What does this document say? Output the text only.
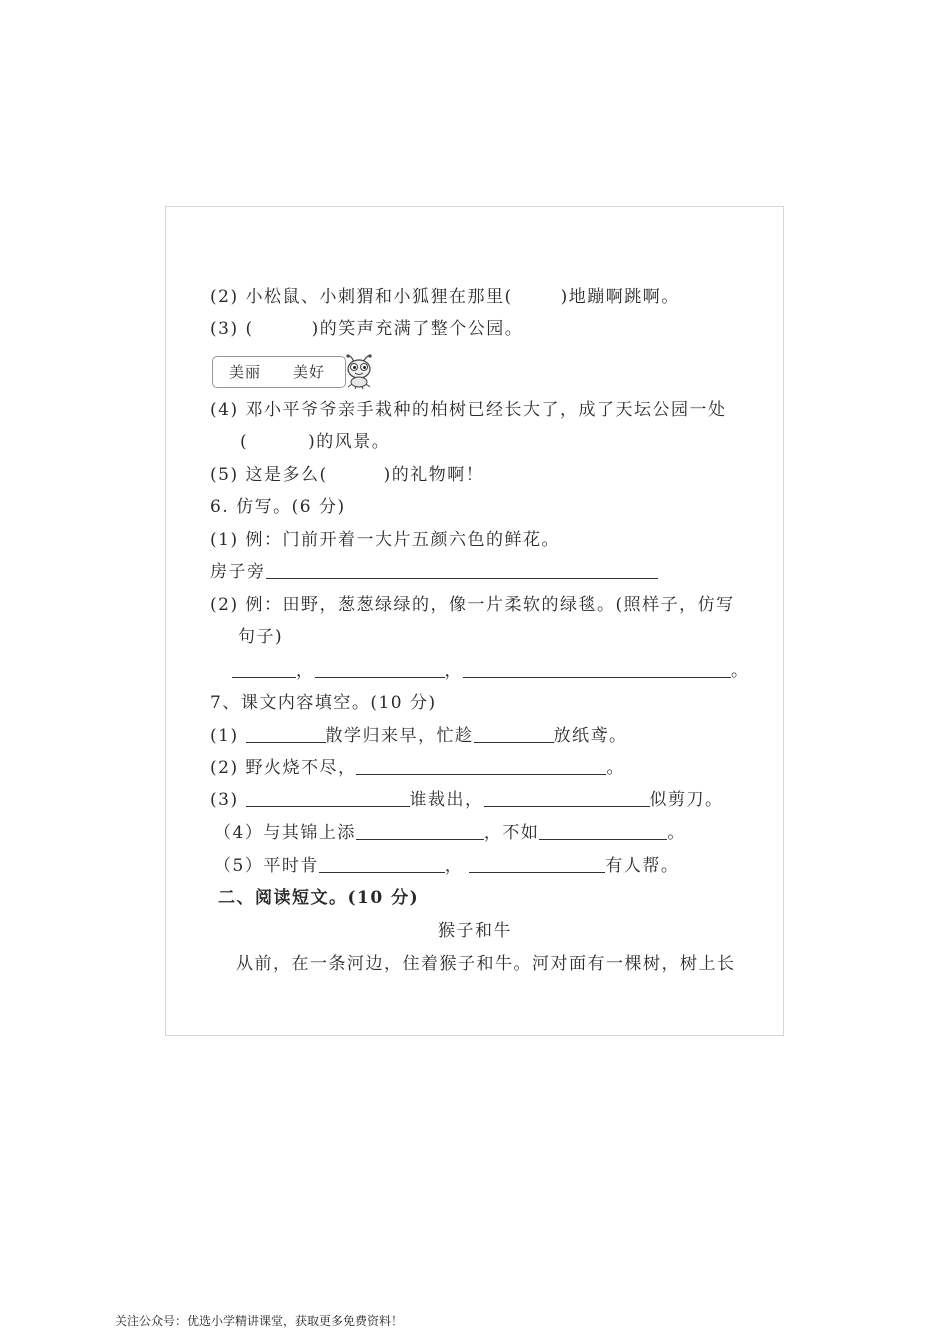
(2) 小松鼠、小刺猬和小狐狸在那里(	)地蹦啊跳啊。
(3) (	)的笑声充满了整个公园。
美丽 美好
(4) 邓小平爷爷亲手栽种的柏树已经长大了，成了天坛公园一处
(	)的风景。
(5) 这是多么(	)的礼物啊！
6. 仿写。(6 分)
(1) 例：门前开着一大片五颜六色的鲜花。
房子旁
(2) 例：田野，葱葱绿绿的，像一片柔软的绿毯。(照样子，仿写
句子)
，	，	。
7、课文内容填空。(10 分)
(1)	散学归来早，忙趁	放纸鸢。
(2) 野火烧不尽，	。
(3)	谁裁出，	似剪刀。
（4）与其锦上添	，不如	。
（5）平时肯	，	有人帮。
二、阅读短文。(10 分)
猴子和牛
从前，在一条河边，住着猴子和牛。河对面有一棵树，树上长
关注公众号：优选小学精讲课堂，获取更多免费资料！
